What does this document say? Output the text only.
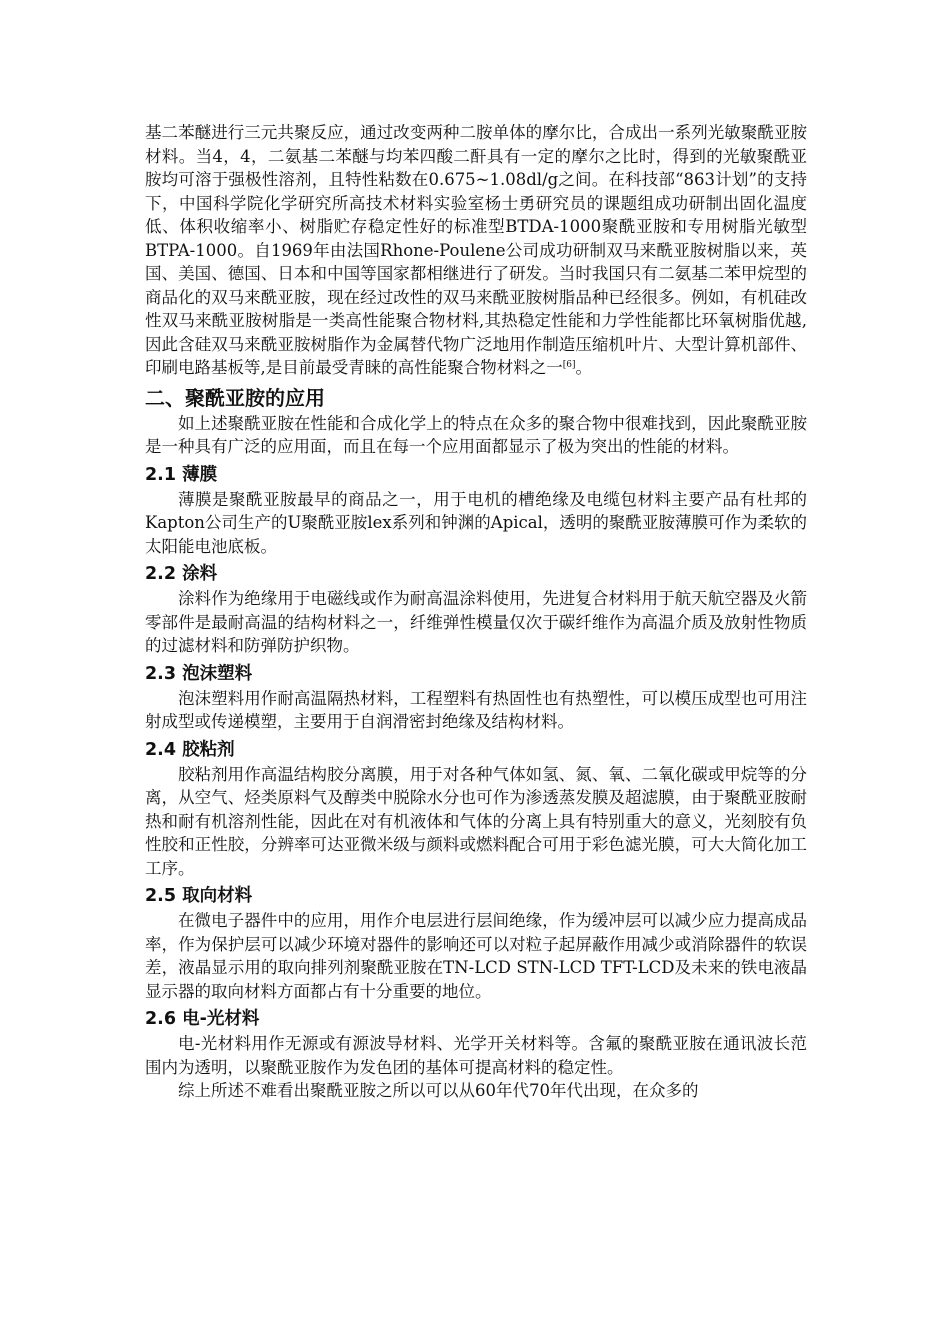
基二苯醚进行三元共聚反应，通过改变两种二胺单体的摩尔比，合成出一系列光敏聚酰亚胺材料。当4，4，二氨基二苯醚与均苯四酸二酐具有一定的摩尔之比时，得到的光敏聚酰亚胺均可溶于强极性溶剂，且特性粘数在0.675~1.08dl/g之间。在科技部“863计划”的支持下，中国科学院化学研究所高技术材料实验室杨士勇研究员的课题组成功研制出固化温度低、体积收缩率小、树脂贮存稳定性好的标准型BTDA-1000聚酰亚胺和专用树脂光敏型BTPA-1000。自1969年由法国Rhone-Poulene公司成功研制双马来酰亚胺树脂以来，英国、美国、德国、日本和中国等国家都相继进行了研发。当时我国只有二氨基二苯甲烷型的商品化的双马来酰亚胺，现在经过改性的双马来酰亚胺树脂品种已经很多。例如，有机硅改性双马来酰亚胺树脂是一类高性能聚合物材料,其热稳定性能和力学性能都比环氧树脂优越,因此含硅双马来酰亚胺树脂作为金属替代物广泛地用作制造压缩机叶片、大型计算机部件、印刷电路基板等,是目前最受青睐的高性能聚合物材料之一[6]。

二、聚酰亚胺的应用

如上述聚酰亚胺在性能和合成化学上的特点在众多的聚合物中很难找到，因此聚酰亚胺是一种具有广泛的应用面，而且在每一个应用面都显示了极为突出的性能的材料。

2.1 薄膜

薄膜是聚酰亚胺最早的商品之一，用于电机的槽绝缘及电缆包材料主要产品有杜邦的Kapton公司生产的U聚酰亚胺lex系列和钟渊的Apical，透明的聚酰亚胺薄膜可作为柔软的太阳能电池底板。

2.2 涂料

涂料作为绝缘用于电磁线或作为耐高温涂料使用，先进复合材料用于航天航空器及火箭零部件是最耐高温的结构材料之一，纤维弹性模量仅次于碳纤维作为高温介质及放射性物质的过滤材料和防弹防护织物。

2.3 泡沫塑料

泡沫塑料用作耐高温隔热材料，工程塑料有热固性也有热塑性，可以模压成型也可用注射成型或传递模塑，主要用于自润滑密封绝缘及结构材料。

2.4 胶粘剂

胶粘剂用作高温结构胶分离膜，用于对各种气体如氢、氮、氧、二氧化碳或甲烷等的分离，从空气、烃类原料气及醇类中脱除水分也可作为渗透蒸发膜及超滤膜，由于聚酰亚胺耐热和耐有机溶剂性能，因此在对有机液体和气体的分离上具有特别重大的意义，光刻胶有负性胶和正性胶，分辨率可达亚微米级与颜料或燃料配合可用于彩色滤光膜，可大大简化加工工序。

2.5 取向材料

在微电子器件中的应用，用作介电层进行层间绝缘，作为缓冲层可以减少应力提高成品率，作为保护层可以减少环境对器件的影响还可以对粒子起屏蔽作用减少或消除器件的软误差，液晶显示用的取向排列剂聚酰亚胺在TN-LCD STN-LCD TFT-LCD及未来的铁电液晶显示器的取向材料方面都占有十分重要的地位。

2.6 电-光材料

电-光材料用作无源或有源波导材料、光学开关材料等。含氟的聚酰亚胺在通讯波长范围内为透明，以聚酰亚胺作为发色团的基体可提高材料的稳定性。

综上所述不难看出聚酰亚胺之所以可以从60年代70年代出现，在众多的
